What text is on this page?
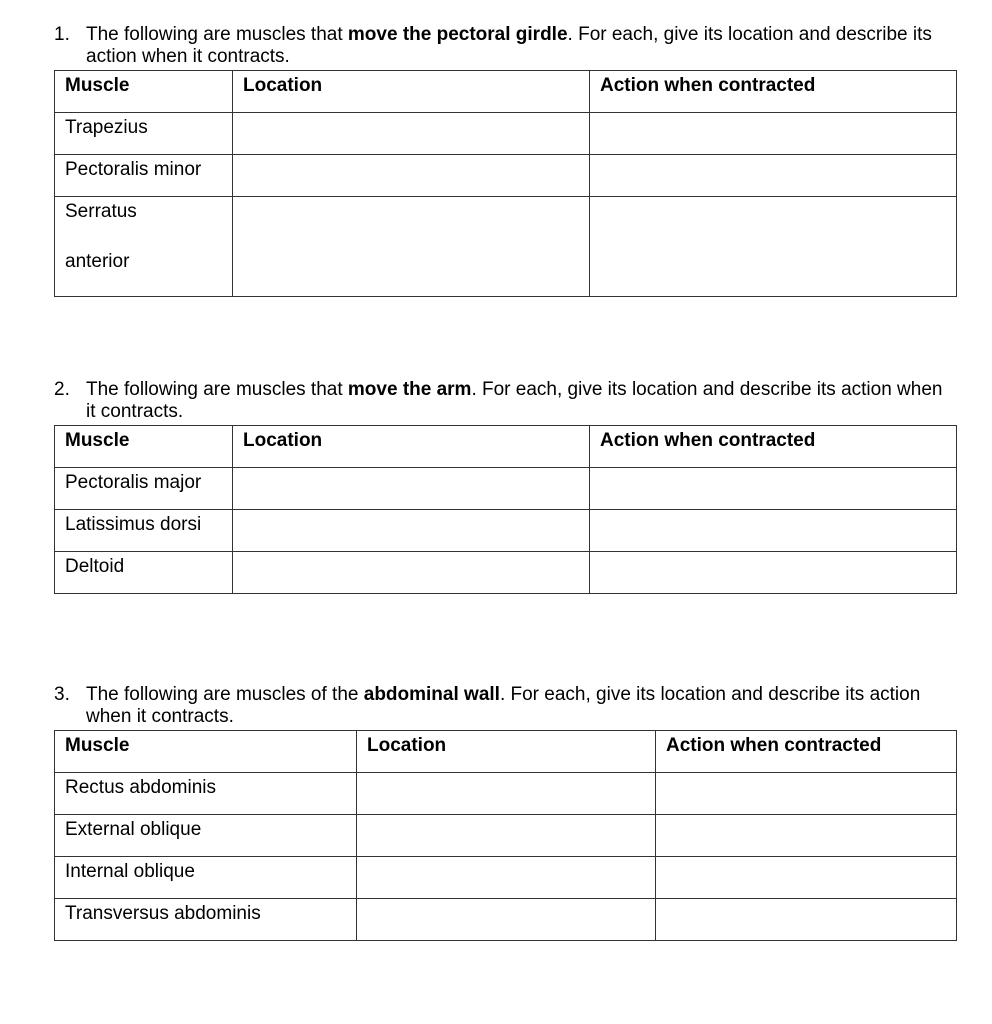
1. The following are muscles that move the pectoral girdle. For each, give its location and describe its action when it contracts.

Muscle	Location	Action when contracted
Trapezius		
Pectoralis minor		

Serratus
anterior		

2. The following are muscles that move the arm. For each, give its location and describe its action when it contracts.

Muscle	Location	Action when contracted
Pectoralis major		
Latissimus dorsi		
Deltoid		

3. The following are muscles of the abdominal wall. For each, give its location and describe its action when it contracts.

Muscle	Location	Action when contracted
Rectus abdominis		
External oblique		
Internal oblique		
Transversus abdominis		
